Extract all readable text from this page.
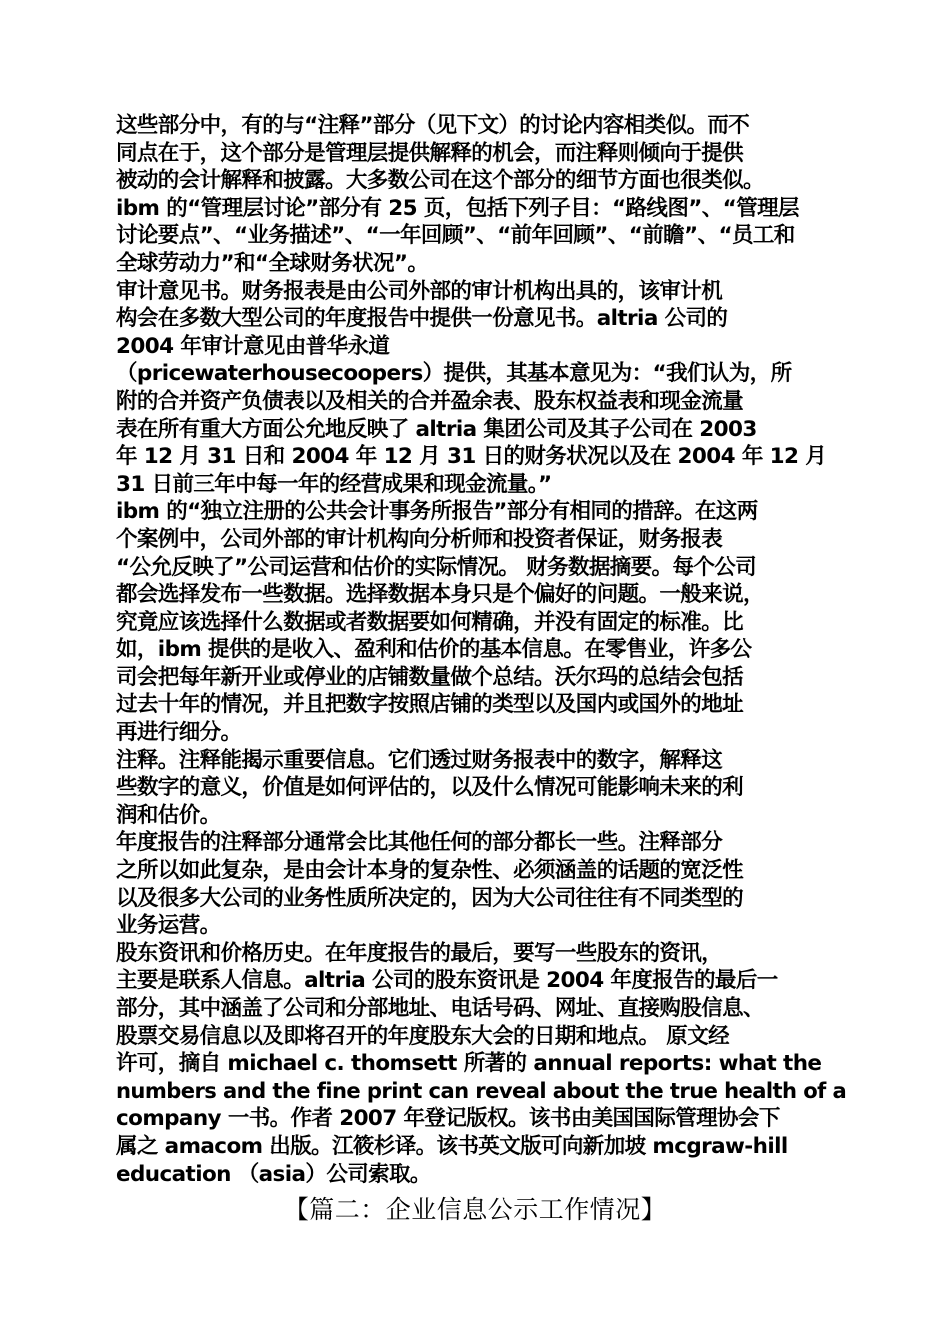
这些部分中，有的与“注释”部分（见下文）的讨论内容相类似。而不
同点在于，这个部分是管理层提供解释的机会，而注释则倾向于提供
被动的会计解释和披露。大多数公司在这个部分的细节方面也很类似。
ibm 的“管理层讨论”部分有 25 页，包括下列子目：“路线图”、“管理层
讨论要点”、“业务描述”、“一年回顾”、“前年回顾”、“前瞻”、“员工和
全球劳动力”和“全球财务状况”。
审计意见书。财务报表是由公司外部的审计机构出具的，该审计机
构会在多数大型公司的年度报告中提供一份意见书。altria 公司的
2004 年审计意见由普华永道
（pricewaterhousecoopers）提供，其基本意见为：“我们认为，所
附的合并资产负债表以及相关的合并盈余表、股东权益表和现金流量
表在所有重大方面公允地反映了 altria 集团公司及其子公司在 2003
年 12 月 31 日和 2004 年 12 月 31 日的财务状况以及在 2004 年 12 月
31 日前三年中每一年的经营成果和现金流量。”
ibm 的“独立注册的公共会计事务所报告”部分有相同的措辞。在这两
个案例中，公司外部的审计机构向分析师和投资者保证，财务报表
“公允反映了”公司运营和估价的实际情况。 财务数据摘要。每个公司
都会选择发布一些数据。选择数据本身只是个偏好的问题。一般来说，
究竟应该选择什么数据或者数据要如何精确，并没有固定的标准。比
如，ibm 提供的是收入、盈利和估价的基本信息。在零售业，许多公
司会把每年新开业或停业的店铺数量做个总结。沃尔玛的总结会包括
过去十年的情况，并且把数字按照店铺的类型以及国内或国外的地址
再进行细分。
注释。注释能揭示重要信息。它们透过财务报表中的数字，解释这
些数字的意义，价值是如何评估的，以及什么情况可能影响未来的利
润和估价。
年度报告的注释部分通常会比其他任何的部分都长一些。注释部分
之所以如此复杂，是由会计本身的复杂性、必须涵盖的话题的宽泛性
以及很多大公司的业务性质所决定的，因为大公司往往有不同类型的
业务运营。
股东资讯和价格历史。在年度报告的最后，要写一些股东的资讯，
主要是联系人信息。altria 公司的股东资讯是 2004 年度报告的最后一
部分，其中涵盖了公司和分部地址、电话号码、网址、直接购股信息、
股票交易信息以及即将召开的年度股东大会的日期和地点。 原文经
许可，摘自 michael c. thomsett 所著的 annual reports: what the
numbers and the fine print can reveal about the true health of a
company 一书。作者 2007 年登记版权。该书由美国国际管理协会下
属之 amacom 出版。江筱杉译。该书英文版可向新加坡 mcgraw-hill
education （asia）公司索取。
【篇二：企业信息公示工作情况】
